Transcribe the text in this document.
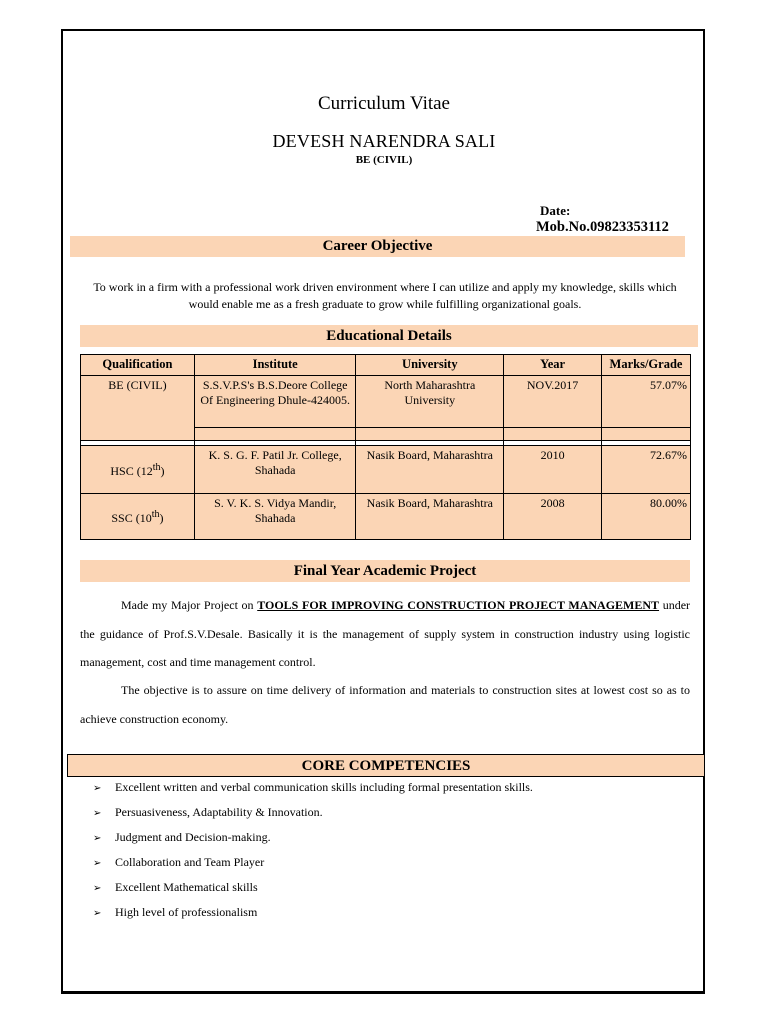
Curriculum Vitae
DEVESH NARENDRA SALI
BE (CIVIL)
Date:
Mob.No.09823353112
Career Objective
To work in a firm with a professional work driven environment where I can utilize and apply my knowledge, skills which would enable me as a fresh graduate to grow while fulfilling organizational goals.
Educational Details
Qualification	Institute	University	Year	Marks/Grade
BE (CIVIL)	S.S.V.P.S's B.S.Deore College Of Engineering Dhule-424005.	North Maharashtra University	NOV.2017	57.07%

HSC (12th)	K. S. G. F. Patil Jr. College, Shahada	Nasik Board, Maharashtra	2010	72.67%
SSC (10th)	S. V. K. S. Vidya Mandir, Shahada	Nasik Board, Maharashtra	2008	80.00%
Final Year Academic Project
Made my Major Project on TOOLS FOR IMPROVING CONSTRUCTION PROJECT MANAGEMENT under the guidance of Prof.S.V.Desale. Basically it is the management of supply system in construction industry using logistic management, cost and time management control.
The objective is to assure on time delivery of information and materials to construction sites at lowest cost so as to achieve construction economy.
CORE COMPETENCIES
➢ Excellent written and verbal communication skills including formal presentation skills.
➢ Persuasiveness, Adaptability & Innovation.
➢ Judgment and Decision-making.
➢ Collaboration and Team Player
➢ Excellent Mathematical skills
➢ High level of professionalism
